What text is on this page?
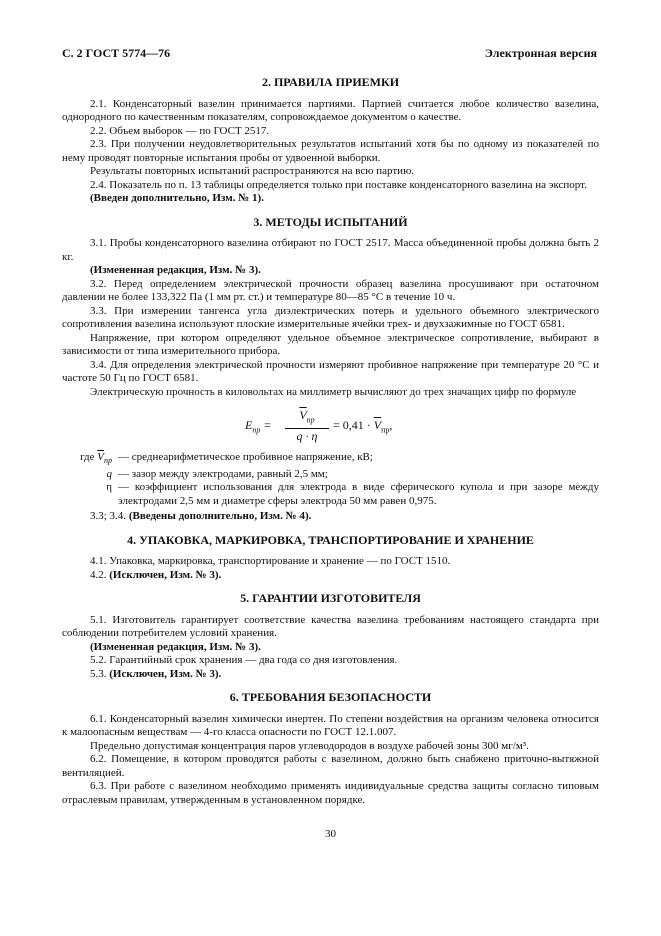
С. 2 ГОСТ 5774—76	Электронная версия
2. ПРАВИЛА ПРИЕМКИ

2.1. Конденсаторный вазелин принимается партиями. Партией считается любое количество вазелина, однородного по качественным показателям, сопровождаемое документом о качестве.

2.2. Объем выборок — по ГОСТ 2517.

2.3. При получении неудовлетворительных результатов испытаний хотя бы по одному из показателей по нему проводят повторные испытания пробы от удвоенной выборки.

Результаты повторных испытаний распространяются на всю партию.

2.4. Показатель по п. 13 таблицы определяется только при поставке конденсаторного вазелина на экспорт.

(Введен дополнительно, Изм. № 1).

3. МЕТОДЫ ИСПЫТАНИЙ

3.1. Пробы конденсаторного вазелина отбирают по ГОСТ 2517. Масса объединенной пробы должна быть 2 кг.

(Измененная редакция, Изм. № 3).

3.2. Перед определением электрической прочности образец вазелина просушивают при остаточном давлении не более 133,322 Па (1 мм рт. ст.) и температуре 80—85 °С в течение 10 ч.

3.3. При измерении тангенса угла диэлектрических потерь и удельного объемного электрического сопротивления вазелина используют плоские измерительные ячейки трех- и двухзажимные по ГОСТ 6581.

Напряжение, при котором определяют удельное объемное электрическое сопротивление, выбирают в зависимости от типа измерительного прибора.

3.4. Для определения электрической прочности измеряют пробивное напряжение при температуре 20 °С и частоте 50 Гц по ГОСТ 6581.

Электрическую прочность в киловольтах на миллиметр вычисляют до трех значащих цифр по формуле

$E_{пр}$ =
$\overline{V}_{пр}$
q · η
= $0,41 \cdot \overline{V}_{пр}$,
где $\overline{V}_{пр}$ — среднеарифметическое пробивное напряжение, кВ;
q — зазор между электродами, равный 2,5 мм;
η — коэффициент использования для электрода в виде сферического купола и при зазоре между электродами 2,5 мм и диаметре сферы электрода 50 мм равен 0,975.

3.3; 3.4. (Введены дополнительно, Изм. № 4).

4. УПАКОВКА, МАРКИРОВКА, ТРАНСПОРТИРОВАНИЕ И ХРАНЕНИЕ

4.1. Упаковка, маркировка, транспортирование и хранение — по ГОСТ 1510.

4.2. (Исключен, Изм. № 3).

5. ГАРАНТИИ ИЗГОТОВИТЕЛЯ

5.1. Изготовитель гарантирует соответствие качества вазелина требованиям настоящего стандарта при соблюдении потребителем условий хранения.

(Измененная редакция, Изм. № 3).

5.2. Гарантийный срок хранения — два года со дня изготовления.

5.3. (Исключен, Изм. № 3).

6. ТРЕБОВАНИЯ БЕЗОПАСНОСТИ

6.1. Конденсаторный вазелин химически инертен. По степени воздействия на организм человека относится к малоопасным веществам — 4-го класса опасности по ГОСТ 12.1.007.

Предельно допустимая концентрация паров углеводородов в воздухе рабочей зоны 300 мг/м³.

6.2. Помещение, в котором проводятся работы с вазелином, должно быть снабжено приточно-вытяжной вентиляцией.

6.3. При работе с вазелином необходимо применять индивидуальные средства защиты согласно типовым отраслевым правилам, утвержденным в установленном порядке.

30
